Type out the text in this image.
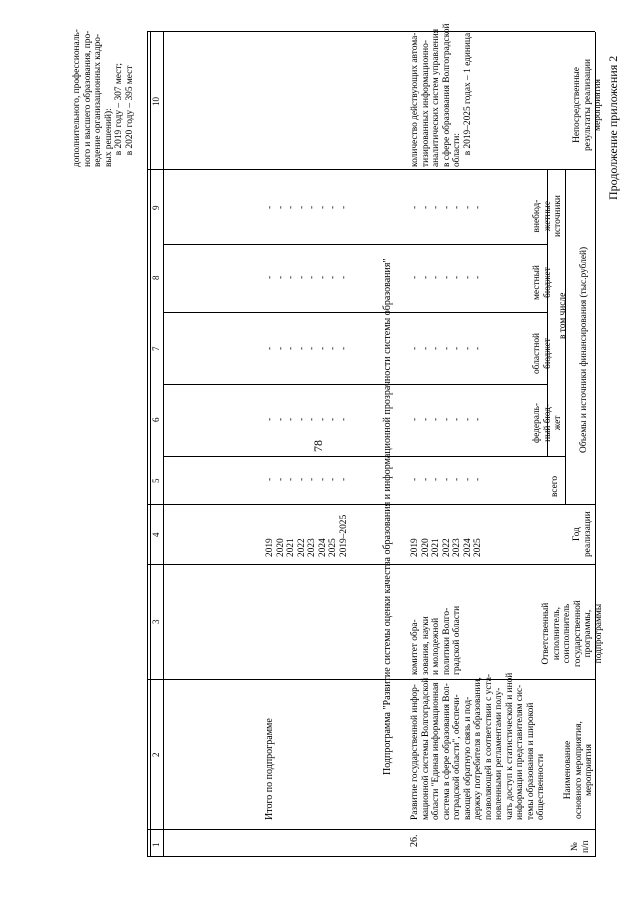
78
Продолжение приложения 2
№
п/п
Наименование
основного мероприятия,
мероприятия
Ответственный
исполнитель,
соисполнитель
государственной
программы,
подпрограммы
Год
реализации
Объемы и источники финансирования (тыс.рублей)
всего
в том числе
федераль-
ный бюд-
жет
областной
бюджет
местный
бюджет
внебюд-
жетные
источники
Непосредственные
результаты реализации
мероприятия
1
2
3
4
5
6
7
8
9
10
дополнительного, профессиональ-
ного и высшего образования, про-
ведение организационных кадро-
вых решений):
в 2019 году – 307 мест;
в 2020 году – 395 мест
Итого по подпрограмме
2019
2020
2021
2022
2023
2024
2025
2019–2025
-
-
-
-
-
-
-
-
-
-
-
-
-
-
-
-
-
-
-
-
-
-
-
-
-
-
-
-
-
-
-
-
-
-
-
-
-
-
-
-
Подпрограмма "Развитие системы оценки качества образования и информационной прозрачности системы образования"
26.
Развитие государственной инфор-
мационной системы Волгоградской
области "Единая информационная
система в сфере образования Вол-
гоградской области", обеспечи-
вающей обратную связь и под-
держку потребителя в образовании,
позволяющей в соответствии с уста-
новленными регламентами полу-
чать доступ к статистической и иной
информации представителям сис-
темы образования и широкой
общественности
комитет обра-
зования, науки
и молодежной
политики Волго-
градской области
2019
2020
2021
2022
2023
2024
2025
-
-
-
-
-
-
-
-
-
-
-
-
-
-
-
-
-
-
-
-
-
-
-
-
-
-
-
-
-
-
-
-
-
-
-
количество действующих автома-
тизированных информационно-
аналитических систем управления
в сфере образования Волгоградской
области:
в 2019–2025 годах – 1 единица
